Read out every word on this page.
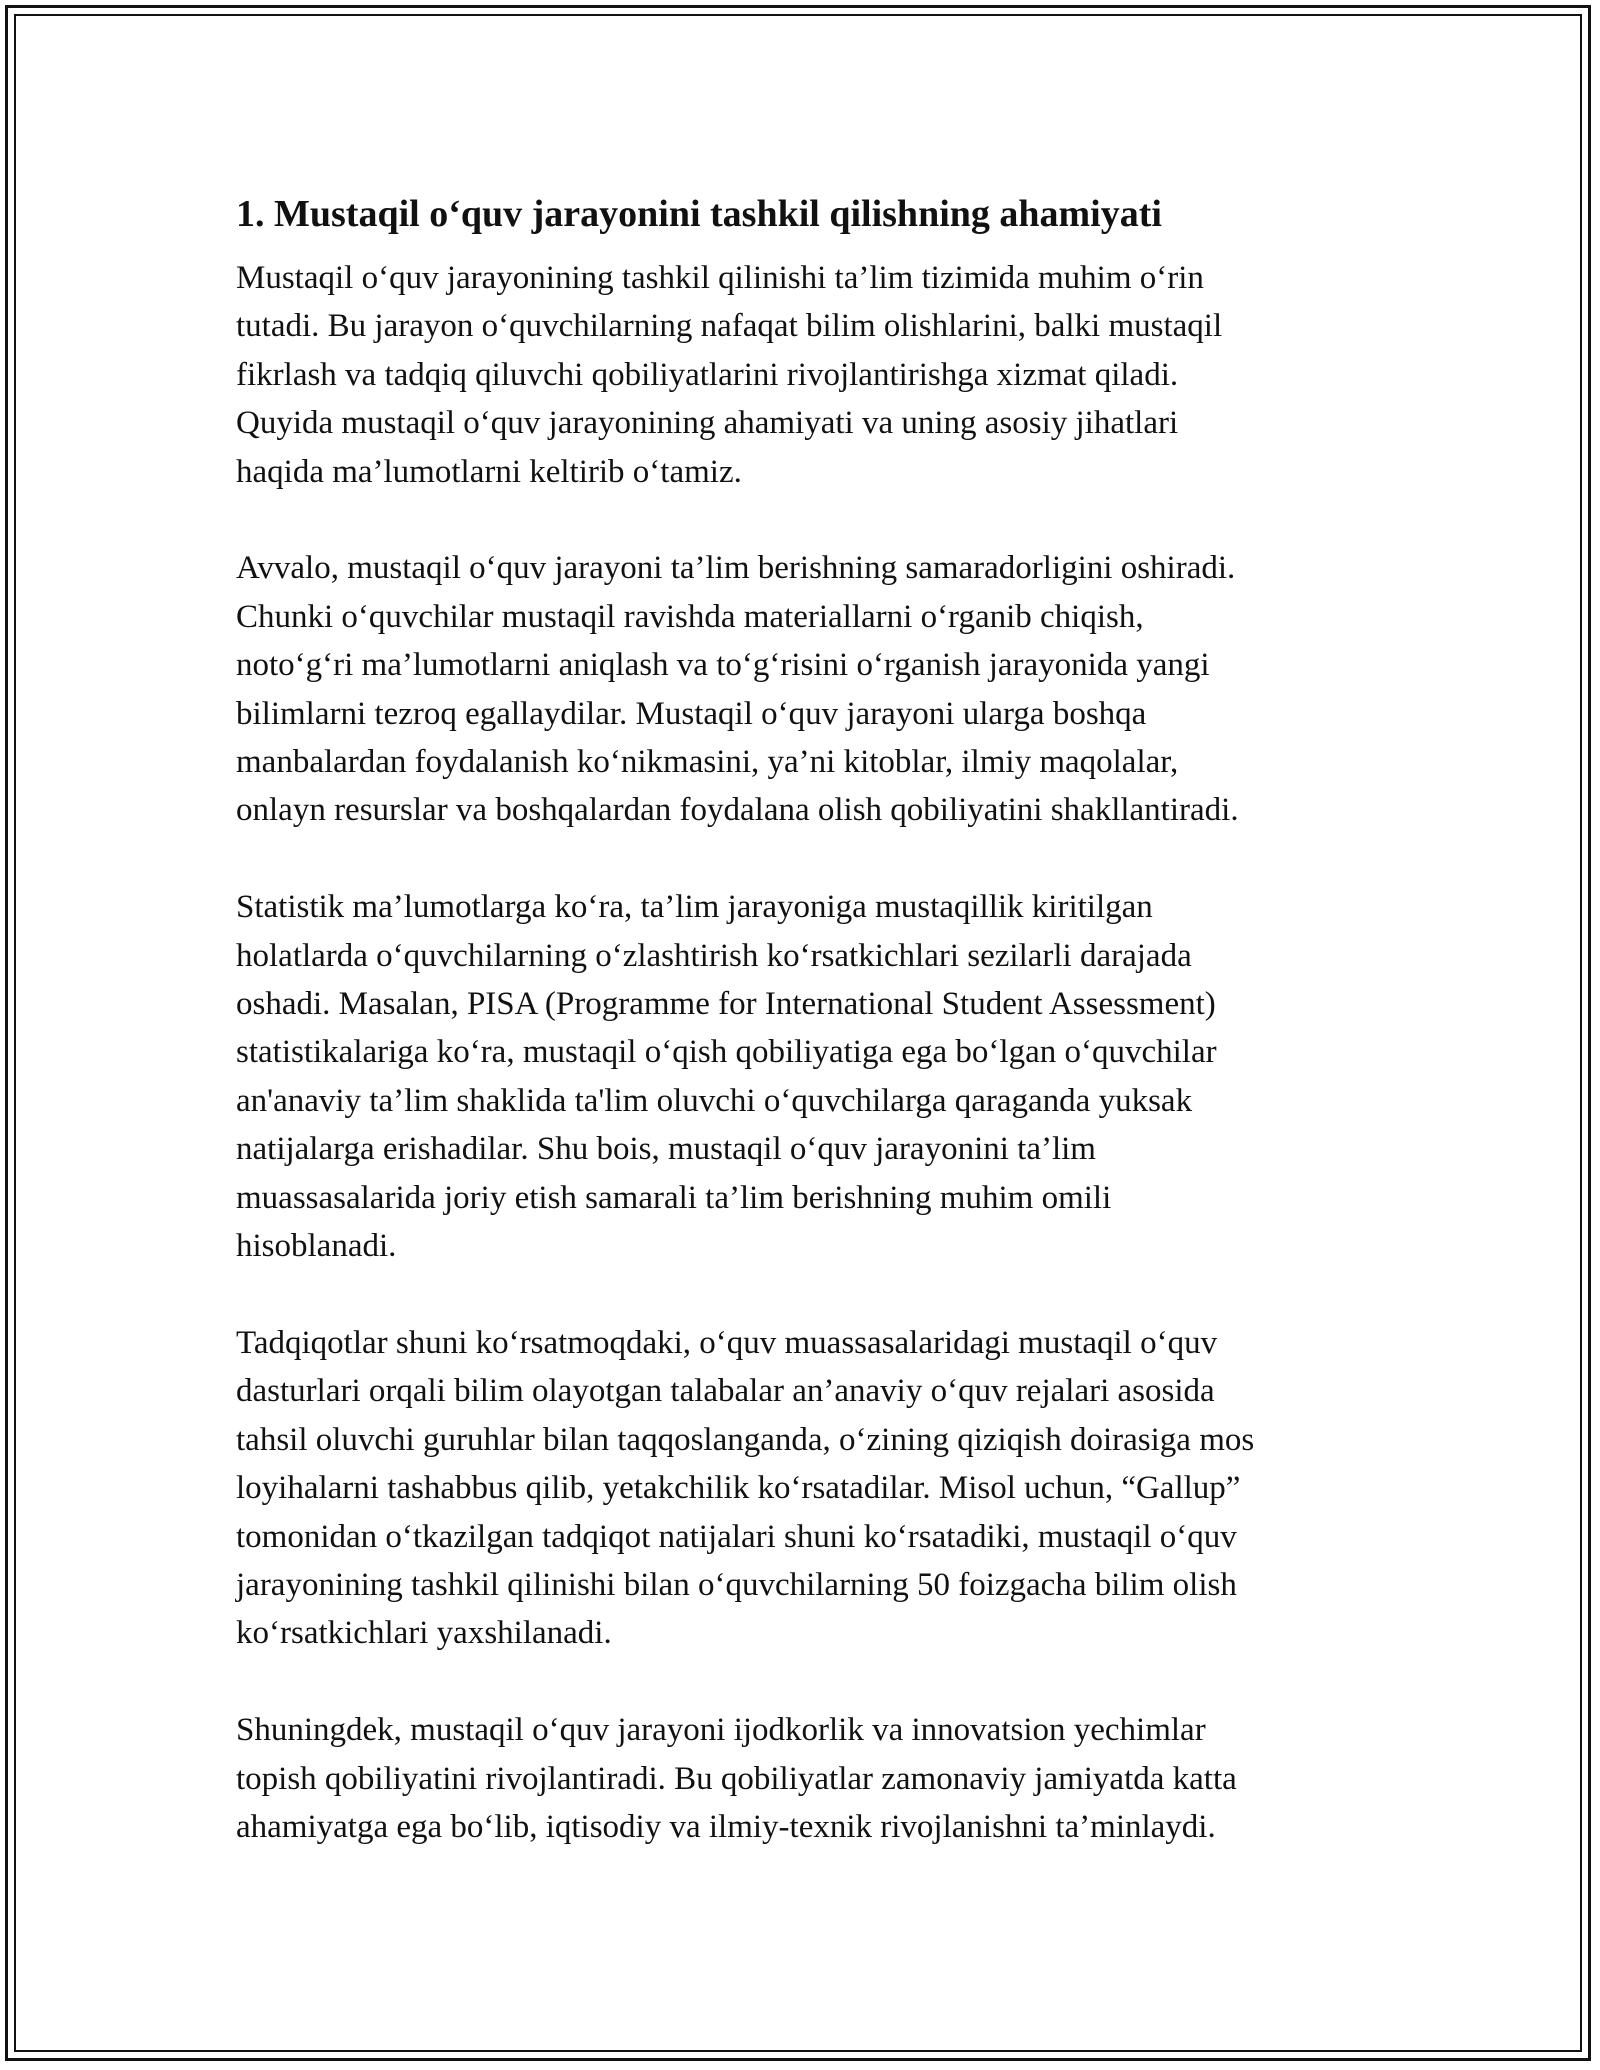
1. Mustaqil o‘quv jarayonini tashkil qilishning ahamiyati
Mustaqil o‘quv jarayonining tashkil qilinishi ta’lim tizimida muhim o‘rin
tutadi. Bu jarayon o‘quvchilarning nafaqat bilim olishlarini, balki mustaqil
fikrlash va tadqiq qiluvchi qobiliyatlarini rivojlantirishga xizmat qiladi.
Quyida mustaqil o‘quv jarayonining ahamiyati va uning asosiy jihatlari
haqida ma’lumotlarni keltirib o‘tamiz.
Avvalo, mustaqil o‘quv jarayoni ta’lim berishning samaradorligini oshiradi.
Chunki o‘quvchilar mustaqil ravishda materiallarni o‘rganib chiqish,
noto‘g‘ri ma’lumotlarni aniqlash va to‘g‘risini o‘rganish jarayonida yangi
bilimlarni tezroq egallaydilar. Mustaqil o‘quv jarayoni ularga boshqa
manbalardan foydalanish ko‘nikmasini, ya’ni kitoblar, ilmiy maqolalar,
onlayn resurslar va boshqalardan foydalana olish qobiliyatini shakllantiradi.
Statistik ma’lumotlarga ko‘ra, ta’lim jarayoniga mustaqillik kiritilgan
holatlarda o‘quvchilarning o‘zlashtirish ko‘rsatkichlari sezilarli darajada
oshadi. Masalan, PISA (Programme for International Student Assessment)
statistikalariga ko‘ra, mustaqil o‘qish qobiliyatiga ega bo‘lgan o‘quvchilar
an'anaviy ta’lim shaklida ta'lim oluvchi o‘quvchilarga qaraganda yuksak
natijalarga erishadilar. Shu bois, mustaqil o‘quv jarayonini ta’lim
muassasalarida joriy etish samarali ta’lim berishning muhim omili
hisoblanadi.
Tadqiqotlar shuni ko‘rsatmoqdaki, o‘quv muassasalaridagi mustaqil o‘quv
dasturlari orqali bilim olayotgan talabalar an’anaviy o‘quv rejalari asosida
tahsil oluvchi guruhlar bilan taqqoslanganda, o‘zining qiziqish doirasiga mos
loyihalarni tashabbus qilib, yetakchilik ko‘rsatadilar. Misol uchun, “Gallup”
tomonidan o‘tkazilgan tadqiqot natijalari shuni ko‘rsatadiki, mustaqil o‘quv
jarayonining tashkil qilinishi bilan o‘quvchilarning 50 foizgacha bilim olish
ko‘rsatkichlari yaxshilanadi.
Shuningdek, mustaqil o‘quv jarayoni ijodkorlik va innovatsion yechimlar
topish qobiliyatini rivojlantiradi. Bu qobiliyatlar zamonaviy jamiyatda katta
ahamiyatga ega bo‘lib, iqtisodiy va ilmiy-texnik rivojlanishni ta’minlaydi.
